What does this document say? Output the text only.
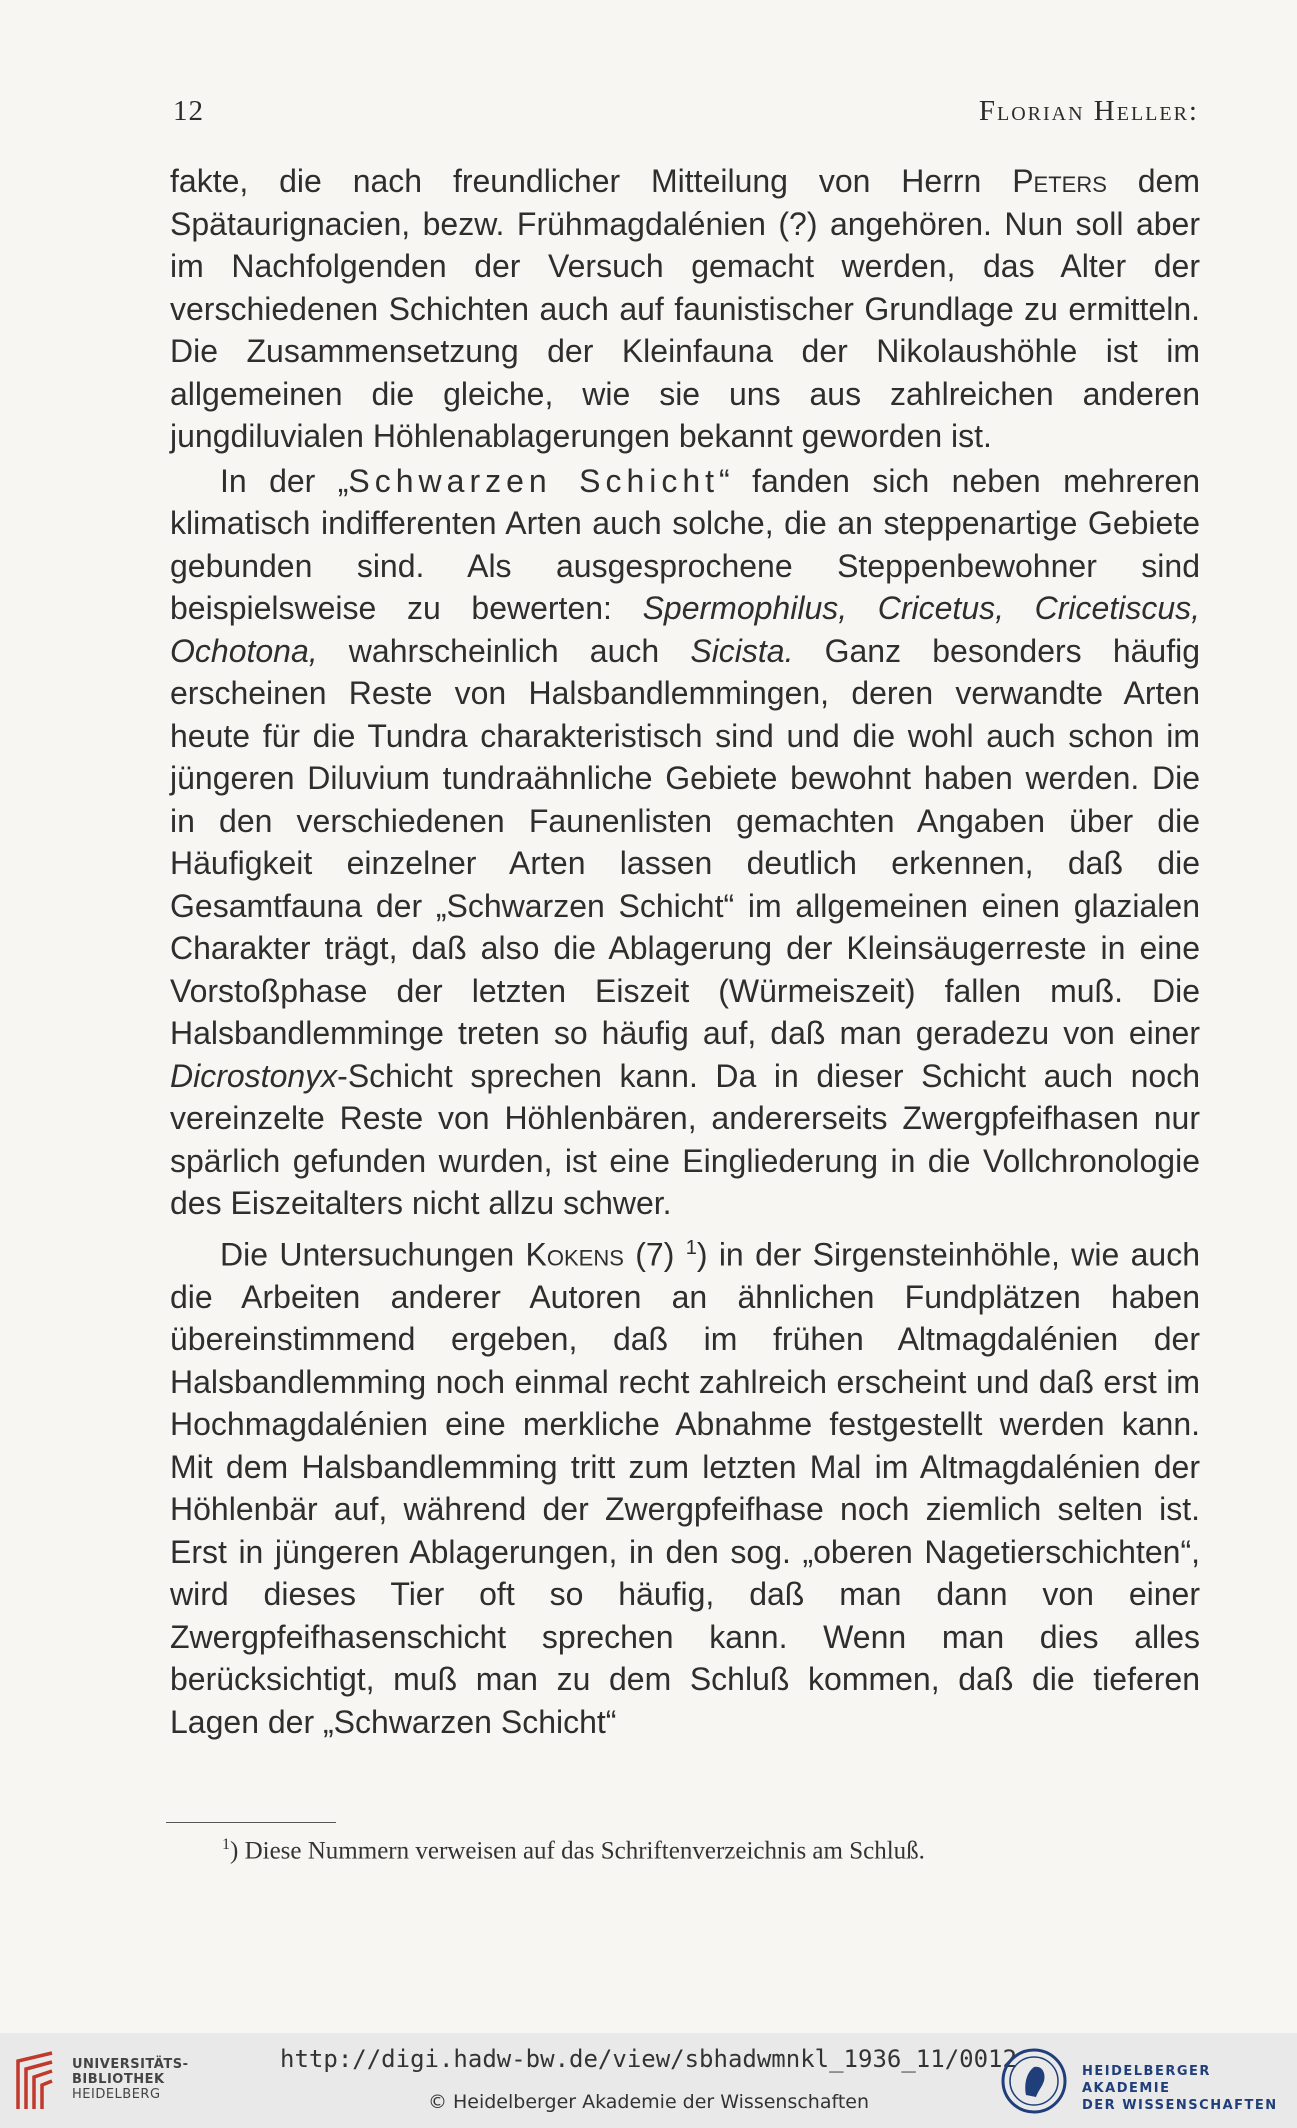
12	Florian Heller:

fakte, die nach freundlicher Mitteilung von Herrn Peters dem Spätaurignacien, bezw. Frühmagdalénien (?) angehören. Nun soll aber im Nachfolgenden der Versuch gemacht werden, das Alter der verschiedenen Schichten auch auf faunistischer Grundlage zu ermitteln. Die Zusammensetzung der Kleinfauna der Nikolaushöhle ist im allgemeinen die gleiche, wie sie uns aus zahlreichen anderen jungdiluvialen Höhlenablagerungen bekannt geworden ist.

In der „Schwarzen Schicht“ fanden sich neben mehreren klimatisch indifferenten Arten auch solche, die an steppenartige Gebiete gebunden sind. Als ausgesprochene Steppenbewohner sind beispielsweise zu bewerten: Spermophilus, Cricetus, Cricetiscus, Ochotona, wahrscheinlich auch Sicista. Ganz besonders häufig erscheinen Reste von Halsbandlemmingen, deren verwandte Arten heute für die Tundra charakteristisch sind und die wohl auch schon im jüngeren Diluvium tundraähnliche Gebiete bewohnt haben werden. Die in den verschiedenen Faunenlisten gemachten Angaben über die Häufigkeit einzelner Arten lassen deutlich erkennen, daß die Gesamtfauna der „Schwarzen Schicht“ im allgemeinen einen glazialen Charakter trägt, daß also die Ablagerung der Kleinsäugerreste in eine Vorstoßphase der letzten Eiszeit (Würmeiszeit) fallen muß. Die Halsbandlemminge treten so häufig auf, daß man geradezu von einer Dicrostonyx-Schicht sprechen kann. Da in dieser Schicht auch noch vereinzelte Reste von Höhlenbären, andererseits Zwergpfeifhasen nur spärlich gefunden wurden, ist eine Eingliederung in die Vollchronologie des Eiszeitalters nicht allzu schwer.

Die Untersuchungen Kokens (7) $^1$) in der Sirgensteinhöhle, wie auch die Arbeiten anderer Autoren an ähnlichen Fundplätzen haben übereinstimmend ergeben, daß im frühen Altmagdalénien der Halsbandlemming noch einmal recht zahlreich erscheint und daß erst im Hochmagdalénien eine merkliche Abnahme festgestellt werden kann. Mit dem Halsbandlemming tritt zum letzten Mal im Altmagdalénien der Höhlenbär auf, während der Zwergpfeifhase noch ziemlich selten ist. Erst in jüngeren Ablagerungen, in den sog. „oberen Nagetierschichten“, wird dieses Tier oft so häufig, daß man dann von einer Zwergpfeifhasenschicht sprechen kann. Wenn man dies alles berücksichtigt, muß man zu dem Schluß kommen, daß die tieferen Lagen der „Schwarzen Schicht“

$^1$) Diese Nummern verweisen auf das Schriftenverzeichnis am Schluß.
UNIVERSITÄTS-
BIBLIOTHEK
HEIDELBERG
http://digi.hadw-bw.de/view/sbhadwmnkl_1936_11/0012
© Heidelberger Akademie der Wissenschaften
HEIDELBERGER AKADEMIE
DER WISSENSCHAFTEN
